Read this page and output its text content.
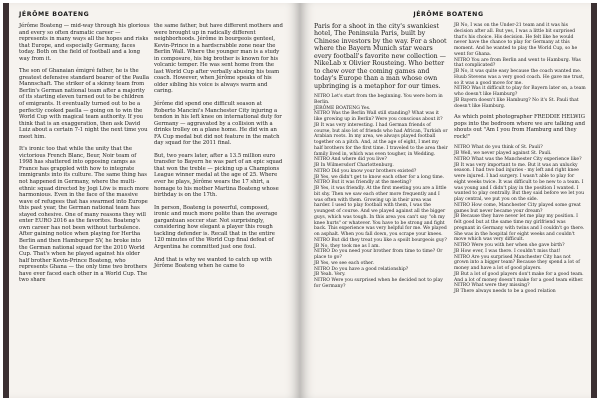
JÉRÔME BOATENG

Jérôme Boateng — mid-way through his glorious and every so often dramatic career — represents in many ways all the hopes and risks that Europe, and especially Germany, faces today. Both on the field of football and a long way from it.

The son of Ghanaian émigré father, he is the greatest defensive standard bearer of the Paulla Mannschaft. The striker of a skinny team from Berlin's German national team after a majority of its starting eleven turned out to be children of emigrants. It eventually turned out to be a perfectly cooked paella — going on to win the World Cup with magical team authority. If you think that is an exaggeration, then ask David Luiz about a certain 7-1 night the next time you meet him.

It's ironic too that while the unity that the victorious French Blanc, Beur, Noir team of 1998 has shattered into opposing camps as France has grappled with how to integrate immigrants into its culture. The same thing has not happened in Germany, where the multi-ethnic squad directed by Jogi Löw is much more harmonious. Even in the face of the massive wave of refugees that has swarmed into Europe this past year, the German national team has stayed cohesive. One of many reasons they will enter EURO 2016 as the favorites. Boateng's own career has not been without turbulence. After gaining notice when playing for Hertha Berlin and then Hamburger SV, he broke into the German national squad for the 2010 World Cup. That's when he played against his older half brother Kevin-Prince Boateng, who represents Ghana — the only time two brothers have ever faced each other in a World Cup. The two share

the same father, but have different mothers and were brought up in radically different neighborhoods. Jérôme in bourgeois genteel, Kevin-Prince in a hardscrabble zone near the Berlin Wall. Where the younger man is a study in composure, his big brother is known for his volcanic temper. He was sent home from the last World Cup after verbally abusing his team coach. However, when Jérôme speaks of his older sibling his voice is always warm and caring.

Jérôme did spend one difficult season at Roberto Mancini's Manchester City injuring a tendon in his left knee on international duty for Germany — aggravated by a collision with a drinks trolley on a plane home. He did win an FA Cup medal but did not feature in the match day squad for the 2011 final.

But, two years later, after a 13.5 million euro transfer to Bayern he was part of an epic squad that won the treble — picking up a Champions League winner medal at the age of 25. Where ever he plays, Jérôme wears the 17 shirt, a homage to his mother Martina Boateng whose birthday is on the 17th.

In person, Boateng is powerful, composed, ironic and much more polite than the average gargantuan soccer star. Not surprisingly, considering how elegant a player this rough tackling defender is. Recall that in the entire 120 minutes of the World Cup final defeat of Argentina he committed just one foul.

And that is why we wanted to catch up with Jérôme Boateng when he came to

JÉRÔME BOATENG

Paris for a shoot in the city's swankiest hotel, The Peninsula Paris, built by Chinese investors by the way. For a shoot where the Bayern Munich star wears every football's favorite new collection — NikeLab x Olivier Rousteing. Who better to chew over the coming games and today's Europe than a man whose own upbringing is a metaphor for our times.

NITRO Let's start from the beginning. You were born in Berlin.
JÉRÔME BOATENG Yes.
NITRO Was the Berlin Wall still standing? What was it like growing up in Berlin? Were you conscious about it?
JB It was very interesting. I had German friends of course, but also lot of friends who had African, Turkish or Arabian roots. In my area, we always played football together on a pitch. And, at the age of eight, I met my half brothers for the first time. I traveled to the area their family lived in, which was even tougher, in Wedding.
NITRO And where did you live?
JB In Wilmersdorf Charlottenburg.
NITRO Did you know your brothers existed?
JB Yes, we didn't get to know each other for a long time.
NITRO But it was friendly at the meeting?
JB Yes, it was friendly. At the first meeting you are a little bit shy. Then we saw each other more frequently and I was often with them. Growing up in their area was harder. I used to play football with them, I was the youngest of course. And we played against all the bigger guys, which was tough. In this area you can't say "oh my knee hurts" or whatever. You have to be strong and fight back. This experience was very helpful for me. We played on asphalt. When you fall down, you scrape your knees.
NITRO But did they treat you like a spoilt bourgeois guy?
JB No, they took me as I am.
NITRO Do you need your brother from time to time? Or place to go?
JB Yes, we see each other.
NITRO Do you have a good relationship?
JB Yeah. Very.
NITRO Were you surprised when he decided not to play for Germany?
JB No, I was on the Under-21 team and it was his decision after all. But yes, I was a little bit surprised that's his choice. His decision. He felt like he would never have the chance to play for Germany at this moment. And he wanted to play the World Cup, so he went for Ghana.
NITRO You are from Berlin and went to Hamburg. Was that complicated?
JB No, it was quite easy because the coach wanted me. Huub Stevens was a very good coach. He gave me trust, so it was a good move for me.
NITRO Was it difficult to play for Bayern later on, a team who doesn't like Hamburg?
JB Bayern doesn't like Hamburg? No it's St. Pauli that doesn't like Hamburg.
As which point photographer FREDDIE HELWIG pops into the bedroom where we are talking and shouts out "Am I you from Hamburg and they rock!"
NITRO What do you think of St. Pauli?
JB Well, we never played against St. Pauli.
NITRO What was the Manchester City experience like?
JB It was very important to me. But it was an unlucky season. I had two bad injuries - my left and right knee were injured. I had surgery. I wasn't able to play for eight weeks twice. It was difficult to be new to a team. I was young and I didn't play in the position I wanted. I wanted to play centrally. But they said before we let you play central, we put you on the side.
NITRO How come, Manchester City played some great games but never became your dream?
JB Because they have never let me play my position. I felt good but at the same time my girlfriend was pregnant in Germany with twins and I couldn't go there. She was in the hospital for eight weeks and couldn't move which was very difficult.
NITRO Were you with her when she gave birth?
JB How ever, I was there. I couldn't miss that!
NITRO Are you surprised Manchester City has not grown into a bigger team? Because they spend a lot of money and have a lot of good players.
JB But a lot of good players don't make for a good team. And a lot of money doesn't make for a good team either.
NITRO What were they missing?
JB There always needs to be a good relation
